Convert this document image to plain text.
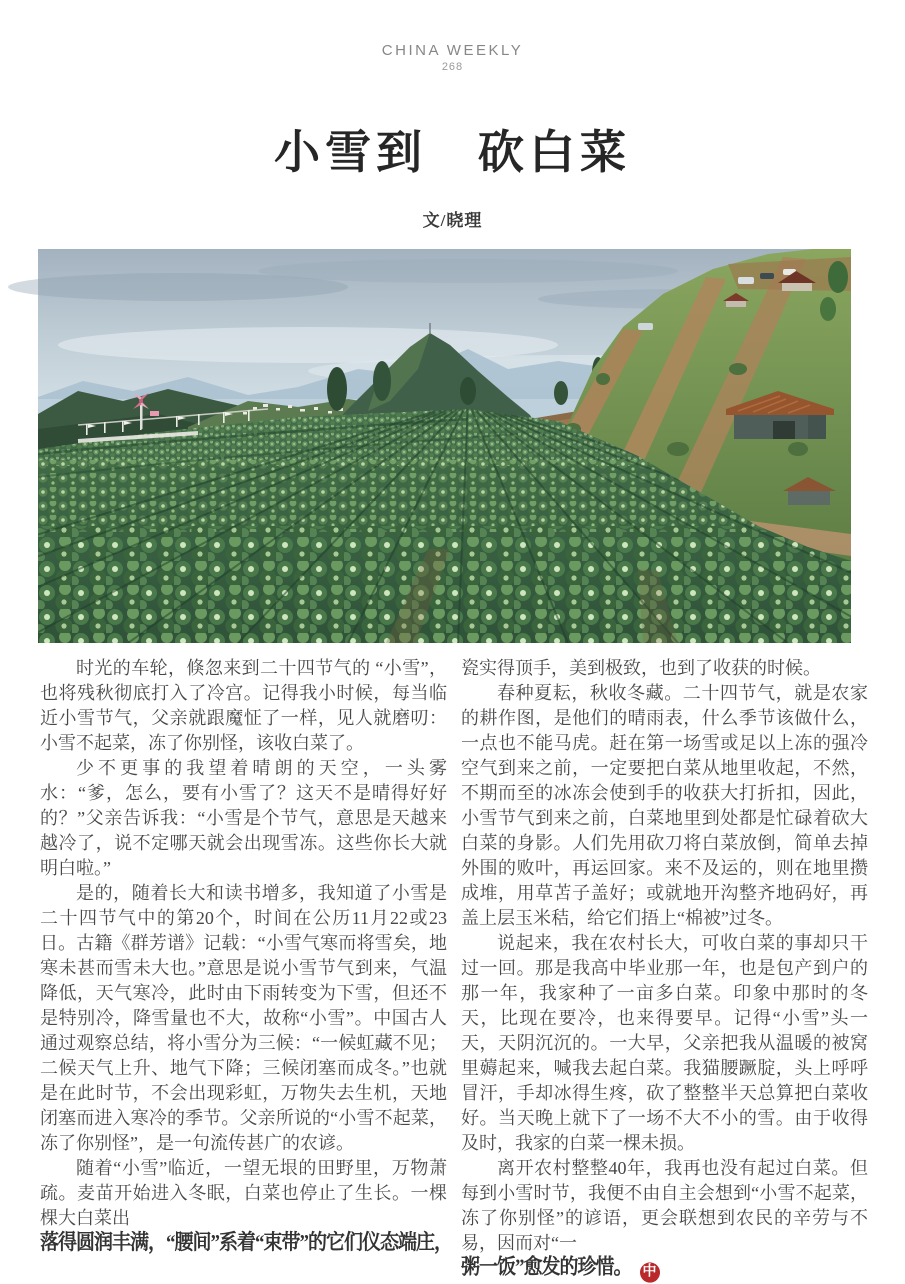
CHINA WEEKLY
268
小雪到　砍白菜
文/晓理

时光的车轮，倏忽来到二十四节气的 “小雪”，也将残秋彻底打入了冷宫。记得我小时候，每当临近小雪节气，父亲就跟魔怔了一样，见人就磨叨：小雪不起菜，冻了你别怪，该收白菜了。

少不更事的我望着晴朗的天空，一头雾水：“爹，怎么，要有小雪了？这天不是晴得好好的？”父亲告诉我：“小雪是个节气，意思是天越来越冷了，说不定哪天就会出现雪冻。这些你长大就明白啦。”

是的，随着长大和读书增多，我知道了小雪是二十四节气中的第20个，时间在公历11月22或23日。古籍《群芳谱》记载：“小雪气寒而将雪矣，地寒未甚而雪未大也。”意思是说小雪节气到来，气温降低，天气寒冷，此时由下雨转变为下雪，但还不是特别冷，降雪量也不大，故称“小雪”。中国古人通过观察总结，将小雪分为三候：“一候虹藏不见；二候天气上升、地气下降；三候闭塞而成冬。”也就是在此时节，不会出现彩虹，万物失去生机，天地闭塞而进入寒冷的季节。父亲所说的“小雪不起菜，冻了你别怪”，是一句流传甚广的农谚。

随着“小雪”临近，一望无垠的田野里，万物萧疏。麦苗开始进入冬眠，白菜也停止了生长。一棵棵大白菜出
落得圆润丰满，“腰间”系着“束带”的它们仪态端庄，

瓷实得顶手，美到极致，也到了收获的时候。

春种夏耘，秋收冬藏。二十四节气，就是农家的耕作图，是他们的晴雨表，什么季节该做什么，一点也不能马虎。赶在第一场雪或足以上冻的强冷空气到来之前，一定要把白菜从地里收起，不然，不期而至的冰冻会使到手的收获大打折扣，因此，小雪节气到来之前，白菜地里到处都是忙碌着砍大白菜的身影。人们先用砍刀将白菜放倒，简单去掉外围的败叶，再运回家。来不及运的，则在地里攒成堆，用草苫子盖好；或就地开沟整齐地码好，再盖上层玉米秸，给它们捂上“棉被”过冬。

说起来，我在农村长大，可收白菜的事却只干过一回。那是我高中毕业那一年，也是包产到户的那一年，我家种了一亩多白菜。印象中那时的冬天，比现在要冷，也来得要早。记得“小雪”头一天，天阴沉沉的。一大早，父亲把我从温暖的被窝里薅起来，喊我去起白菜。我猫腰蹶腚，头上呼呼冒汗，手却冰得生疼，砍了整整半天总算把白菜收好。当天晚上就下了一场不大不小的雪。由于收得及时，我家的白菜一棵未损。

离开农村整整40年，我再也没有起过白菜。但每到小雪时节，我便不由自主会想到“小雪不起菜，冻了你别怪”的谚语，更会联想到农民的辛劳与不易，因而对“一
粥一饭”愈发的珍惜。 中
